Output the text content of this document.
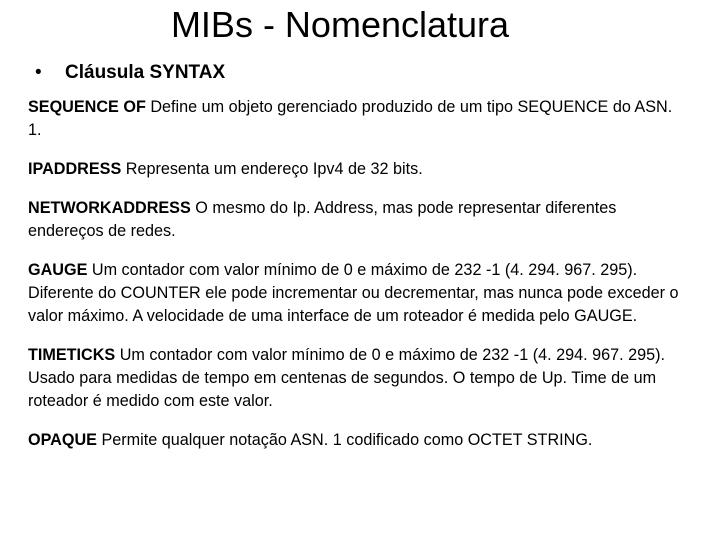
MIBs - Nomenclatura
• Cláusula SYNTAX

SEQUENCE OF Define um objeto gerenciado produzido de um tipo SEQUENCE do ASN. 1.

IPADDRESS Representa um endereço Ipv4 de 32 bits.

NETWORKADDRESS O mesmo do Ip. Address, mas pode representar diferentes endereços de redes.

GAUGE Um contador com valor mínimo de 0 e máximo de 232 -1 (4. 294. 967. 295). Diferente do COUNTER ele pode incrementar ou decrementar, mas nunca pode exceder o valor máximo. A velocidade de uma interface de um roteador é medida pelo GAUGE.

TIMETICKS Um contador com valor mínimo de 0 e máximo de 232 -1 (4. 294. 967. 295). Usado para medidas de tempo em centenas de segundos. O tempo de Up. Time de um roteador é medido com este valor.

OPAQUE Permite qualquer notação ASN. 1 codificado como OCTET STRING.
